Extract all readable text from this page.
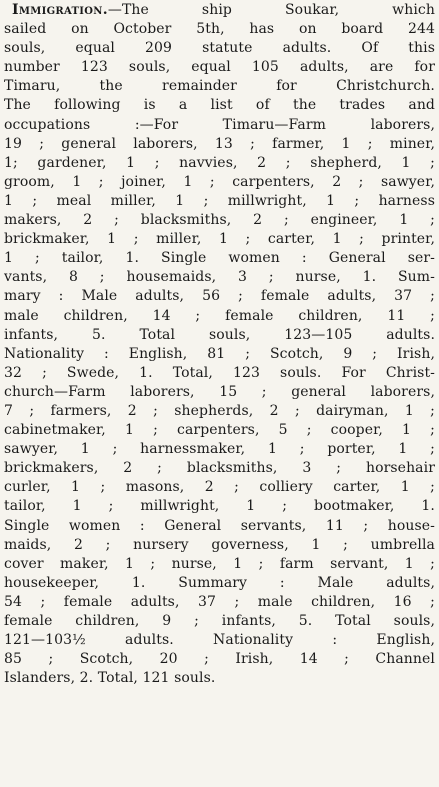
Immigration.—The ship Soukar, which
sailed on October 5th, has on board 244
souls, equal 209 statute adults. Of this
number 123 souls, equal 105 adults, are for
Timaru, the remainder for Christchurch.
The following is a list of the trades and
occupations :—For Timaru—Farm laborers,
19 ; general laborers, 13 ; farmer, 1 ; miner,
1; gardener, 1 ; navvies, 2 ; shepherd, 1 ;
groom, 1 ; joiner, 1 ; carpenters, 2 ; sawyer,
1 ; meal miller, 1 ; millwright, 1 ; harness
makers, 2 ; blacksmiths, 2 ; engineer, 1 ;
brickmaker, 1 ; miller, 1 ; carter, 1 ; printer,
1 ; tailor, 1. Single women : General ser-
vants, 8 ; housemaids, 3 ; nurse, 1. Sum-
mary : Male adults, 56 ; female adults, 37 ;
male children, 14 ; female children, 11 ;
infants, 5. Total souls, 123—105 adults.
Nationality : English, 81 ; Scotch, 9 ; Irish,
32 ; Swede, 1. Total, 123 souls. For Christ-
church—Farm laborers, 15 ; general laborers,
7 ; farmers, 2 ; shepherds, 2 ; dairyman, 1 ;
cabinetmaker, 1 ; carpenters, 5 ; cooper, 1 ;
sawyer, 1 ; harnessmaker, 1 ; porter, 1 ;
brickmakers, 2 ; blacksmiths, 3 ; horsehair
curler, 1 ; masons, 2 ; colliery carter, 1 ;
tailor, 1 ; millwright, 1 ; bootmaker, 1.
Single women : General servants, 11 ; house-
maids, 2 ; nursery governess, 1 ; umbrella
cover maker, 1 ; nurse, 1 ; farm servant, 1 ;
housekeeper, 1. Summary : Male adults,
54 ; female adults, 37 ; male children, 16 ;
female children, 9 ; infants, 5. Total souls,
121—103½ adults. Nationality : English,
85 ; Scotch, 20 ; Irish, 14 ; Channel
Islanders, 2. Total, 121 souls.
